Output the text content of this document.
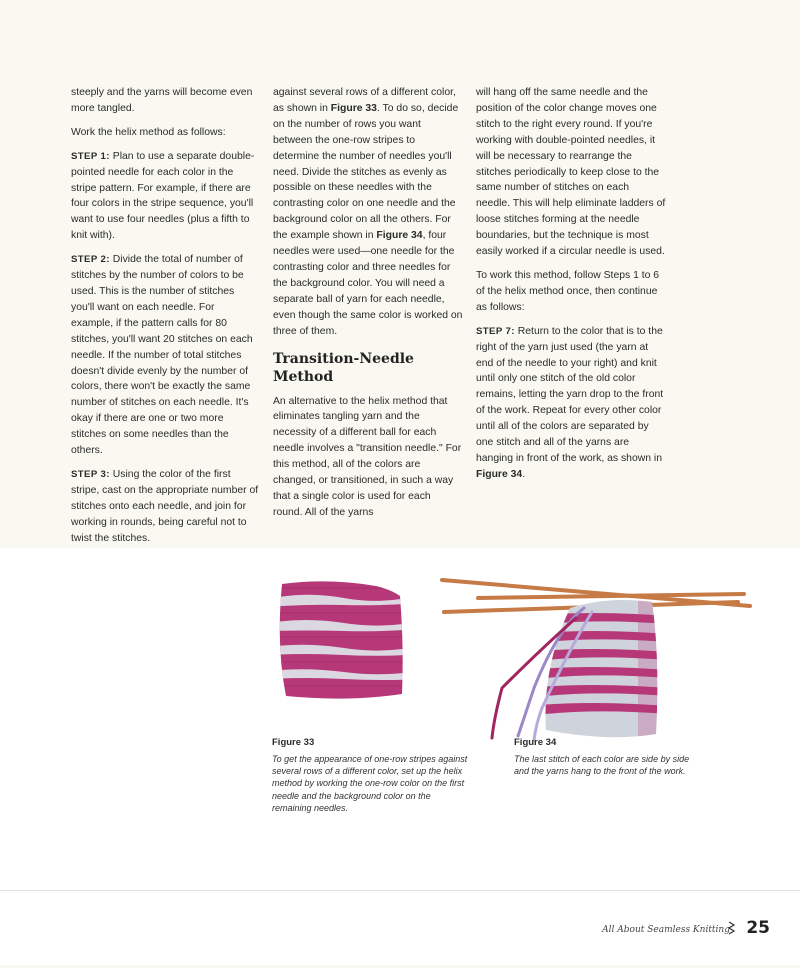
steeply and the yarns will become even more tangled.

Work the helix method as follows:

STEP 1: Plan to use a separate double-pointed needle for each color in the stripe pattern. For example, if there are four colors in the stripe sequence, you'll want to use four needles (plus a fifth to knit with).

STEP 2: Divide the total of number of stitches by the number of colors to be used. This is the number of stitches you'll want on each needle. For example, if the pattern calls for 80 stitches, you'll want 20 stitches on each needle. If the number of total stitches doesn't divide evenly by the number of colors, there won't be exactly the same number of stitches on each needle. It's okay if there are one or two more stitches on some needles than the others.

STEP 3: Using the color of the first stripe, cast on the appropriate number of stitches onto each needle, and join for working in rounds, being careful not to twist the stitches.

against several rows of a different color, as shown in Figure 33. To do so, decide on the number of rows you want between the one-row stripes to determine the number of needles you'll need. Divide the stitches as evenly as possible on these needles with the contrasting color on one needle and the background color on all the others. For the example shown in Figure 34, four needles were used—one needle for the contrasting color and three needles for the background color. You will need a separate ball of yarn for each needle, even though the same color is worked on three of them.

Transition-Needle Method

An alternative to the helix method that eliminates tangling yarn and the necessity of a different ball for each needle involves a "transition needle." For this method, all of the colors are changed, or transitioned, in such a way that a single color is used for each round. All of the yarns

will hang off the same needle and the position of the color change moves one stitch to the right every round. If you're working with double-pointed needles, it will be necessary to rearrange the stitches periodically to keep close to the same number of stitches on each needle. This will help eliminate ladders of loose stitches forming at the needle boundaries, but the technique is most easily worked if a circular needle is used.

To work this method, follow Steps 1 to 6 of the helix method once, then continue as follows:

STEP 7: Return to the color that is to the right of the yarn just used (the yarn at end of the needle to your right) and knit until only one stitch of the old color remains, letting the yarn drop to the front of the work. Repeat for every other color until all of the colors are separated by one stitch and all of the yarns are hanging in front of the work, as shown in Figure 34.

Figure 33
To get the appearance of one-row stripes against several rows of a different color, set up the helix method by working the one-row color on the first needle and the background color on the remaining needles.
Figure 34
The last stitch of each color are side by side and the yarns hang to the front of the work.
All About Seamless Knitting 25
